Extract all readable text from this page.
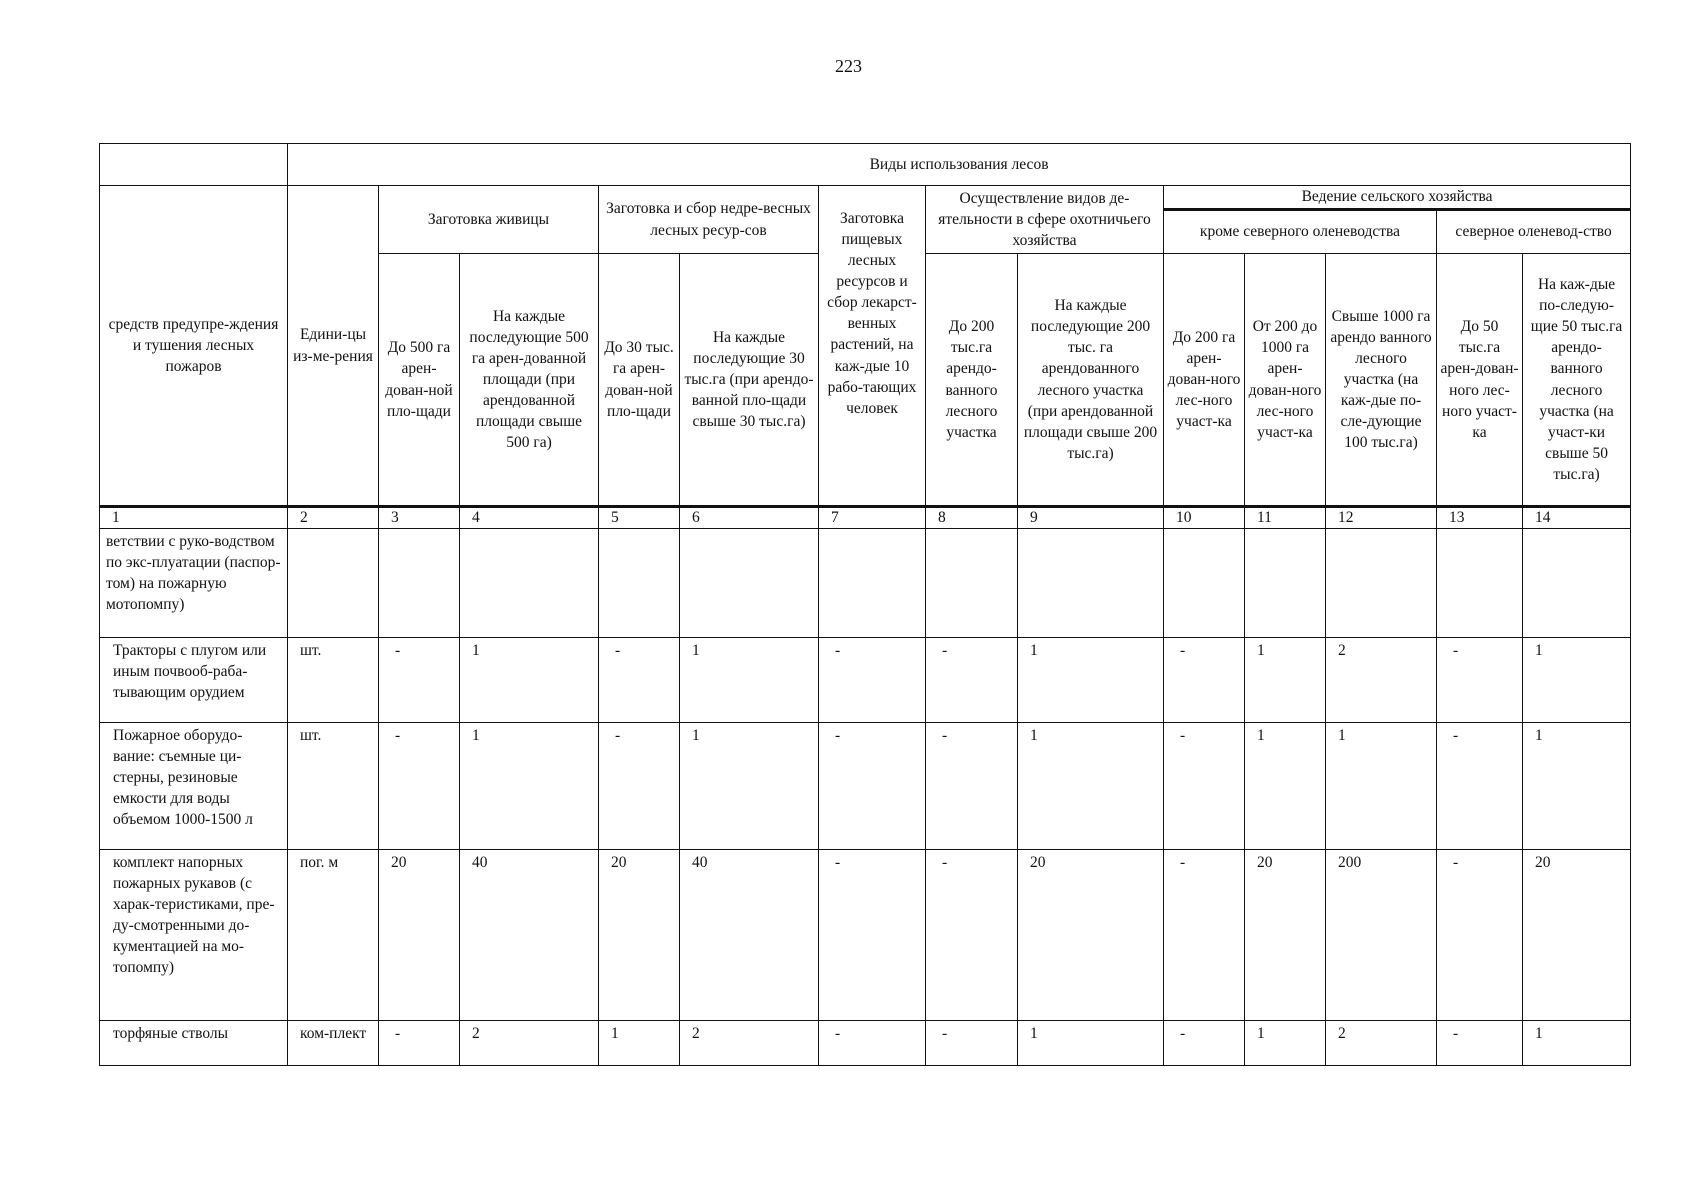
223
	Виды использования лесов												
средств предупре-ждения и тушения лесных пожаров	Едини-цы из-ме-рения	Заготовка живицы		Заготовка и сбор недре-весных лесных ресур-сов		Заготовка пищевых лесных ресурсов и сбор лекарст-венных растений, на каж-дые 10 рабо-тающих человек	Осуществление видов де-ятельности в сфере охотничьего хозяйства		Ведение сельского хозяйства				
									кроме северного оленеводства			северное оленевод-ство	
		До 500 га арен-дован-ной пло-щади	На каждые последующие 500 га арен-дованной площади (при арендованной площади свыше 500 га)	До 30 тыс. га арен-дован-ной пло-щади	На каждые последующие 30 тыс.га (при арендо-ванной пло-щади свыше 30 тыс.га)		До 200 тыс.га арендо-ванного лесного участка	На каждые последующие 200 тыс. га арендованного лесного участка (при арендованной площади свыше 200 тыс.га)	До 200 га арен-дован-ного лес-ного участ-ка	От 200 до 1000 га арен-дован-ного лес-ного участ-ка	Свыше 1000 га арендо ванного лесного участка (на каж-дые по-сле-дующие 100 тыс.га)	До 50 тыс.га арен-дован-ного лес-ного участ-ка	На каж-дые по-следую-щие 50 тыс.га арендо-ванного лесного участка (на участ-ки свыше 50 тыс.га)
1	2	3	4	5	6	7	8	9	10	11	12	13	14
ветствии с руко-водством по экс-плуатации (паспор-том) на пожарную мотопомпу)													
Тракторы с плугом или иным почвооб-раба-тывающим орудием	шт.	-	1	-	1	-	-	1	-	1	2	-	1
Пожарное оборудо-вание: съемные ци-стерны, резиновые емкости для воды объемом 1000-1500 л	шт.	-	1	-	1	-	-	1	-	1	1	-	1
комплект напорных пожарных рукавов (с харак-теристиками, пре-ду-смотренными до-кументацией на мо-топомпу)	пог. м	20	40	20	40	-	-	20	-	20	200	-	20
торфяные стволы	ком-плект	-	2	1	2	-	-	1	-	1	2	-	1
